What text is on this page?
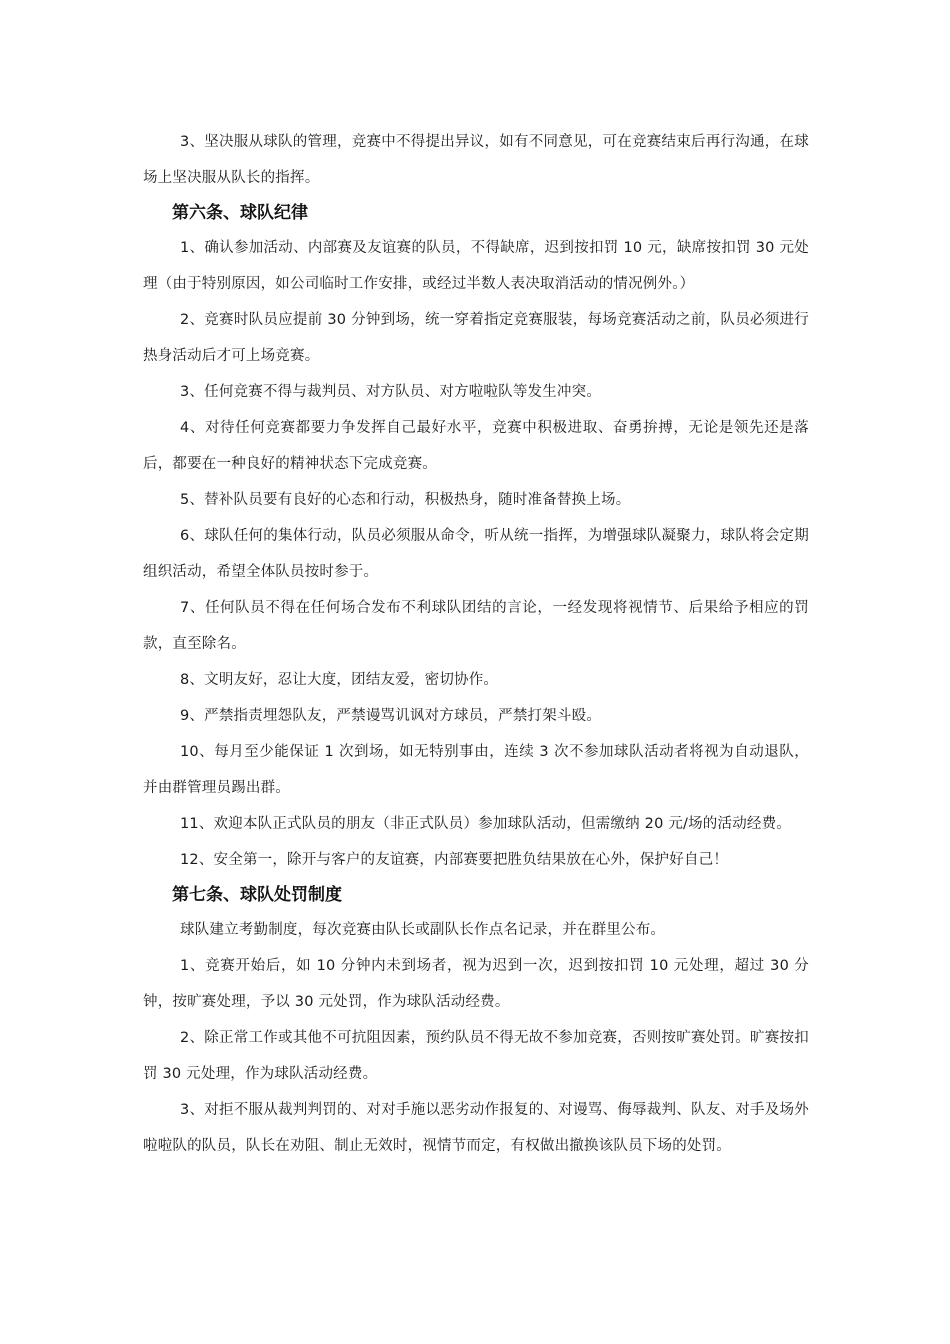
3、坚决服从球队的管理，竞赛中不得提出异议，如有不同意见，可在竞赛结束后再行沟通，在球场上坚决服从队长的指挥。

第六条、球队纪律

1、确认参加活动、内部赛及友谊赛的队员，不得缺席，迟到按扣罚 10 元，缺席按扣罚 30 元处理（由于特别原因，如公司临时工作安排，或经过半数人表决取消活动的情况例外。）

2、竞赛时队员应提前 30 分钟到场，统一穿着指定竞赛服装，每场竞赛活动之前，队员必须进行热身活动后才可上场竞赛。

3、任何竞赛不得与裁判员、对方队员、对方啦啦队等发生冲突。

4、对待任何竞赛都要力争发挥自己最好水平，竞赛中积极进取、奋勇拚搏，无论是领先还是落后，都要在一种良好的精神状态下完成竞赛。

5、替补队员要有良好的心态和行动，积极热身，随时准备替换上场。

6、球队任何的集体行动，队员必须服从命令，听从统一指挥，为增强球队凝聚力，球队将会定期组织活动，希望全体队员按时参于。

7、任何队员不得在任何场合发布不利球队团结的言论，一经发现将视情节、后果给予相应的罚款，直至除名。

8、文明友好，忍让大度，团结友爱，密切协作。

9、严禁指责埋怨队友，严禁谩骂讥讽对方球员，严禁打架斗殴。

10、每月至少能保证 1 次到场，如无特别事由，连续 3 次不参加球队活动者将视为自动退队，并由群管理员踢出群。

11、欢迎本队正式队员的朋友（非正式队员）参加球队活动，但需缴纳 20 元/场的活动经费。

12、安全第一，除开与客户的友谊赛，内部赛要把胜负结果放在心外，保护好自己！

第七条、球队处罚制度

球队建立考勤制度，每次竞赛由队长或副队长作点名记录，并在群里公布。

1、竞赛开始后，如 10 分钟内未到场者，视为迟到一次，迟到按扣罚 10 元处理，超过 30 分钟，按旷赛处理，予以 30 元处罚，作为球队活动经费。

2、除正常工作或其他不可抗阻因素，预约队员不得无故不参加竞赛，否则按旷赛处罚。旷赛按扣罚 30 元处理，作为球队活动经费。

3、对拒不服从裁判判罚的、对对手施以恶劣动作报复的、对谩骂、侮辱裁判、队友、对手及场外啦啦队的队员，队长在劝阻、制止无效时，视情节而定，有权做出撤换该队员下场的处罚。
